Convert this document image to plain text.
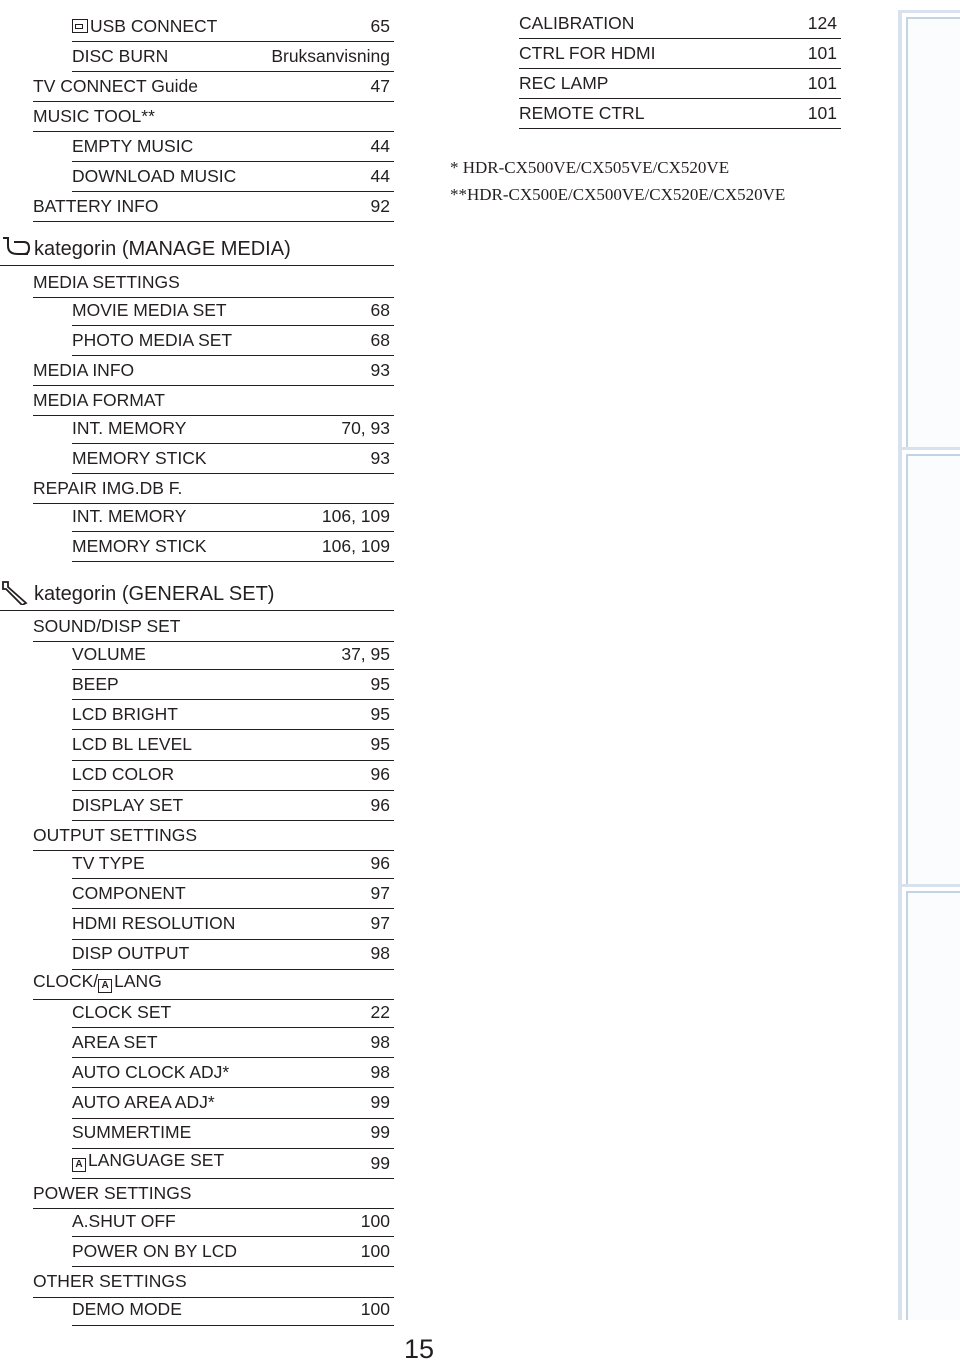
* HDR-CX500VE/CX505VE/CX520VE
**HDR-CX500E/CX500VE/CX520E/CX520VE
15
USB CONNECT	65
DISC BURN	Bruksanvisning
TV CONNECT Guide	47
MUSIC TOOL**
EMPTY MUSIC	44
DOWNLOAD MUSIC	44
BATTERY INFO	92
CALIBRATION	124
CTRL FOR HDMI	101
REC LAMP	101
REMOTE CTRL	101
kategorin (MANAGE MEDIA)
MEDIA SETTINGS
MOVIE MEDIA SET	68
PHOTO MEDIA SET	68
MEDIA INFO	93
MEDIA FORMAT
INT. MEMORY	70, 93
MEMORY STICK	93
REPAIR IMG.DB F.
INT. MEMORY	106, 109
MEMORY STICK	106, 109
kategorin (GENERAL SET)
SOUND/DISP SET
VOLUME	37, 95
BEEP	95
LCD BRIGHT	95
LCD BL LEVEL	95
LCD COLOR	96
DISPLAY SET	96
OUTPUT SETTINGS
TV TYPE	96
COMPONENT	97
HDMI RESOLUTION	97
DISP OUTPUT	98
CLOCK/ A LANG
CLOCK SET	22
AREA SET	98
AUTO CLOCK ADJ*	98
AUTO AREA ADJ*	99
SUMMERTIME	99
A LANGUAGE SET	99
POWER SETTINGS
A.SHUT OFF	100
POWER ON BY LCD	100
OTHER SETTINGS
DEMO MODE	100
